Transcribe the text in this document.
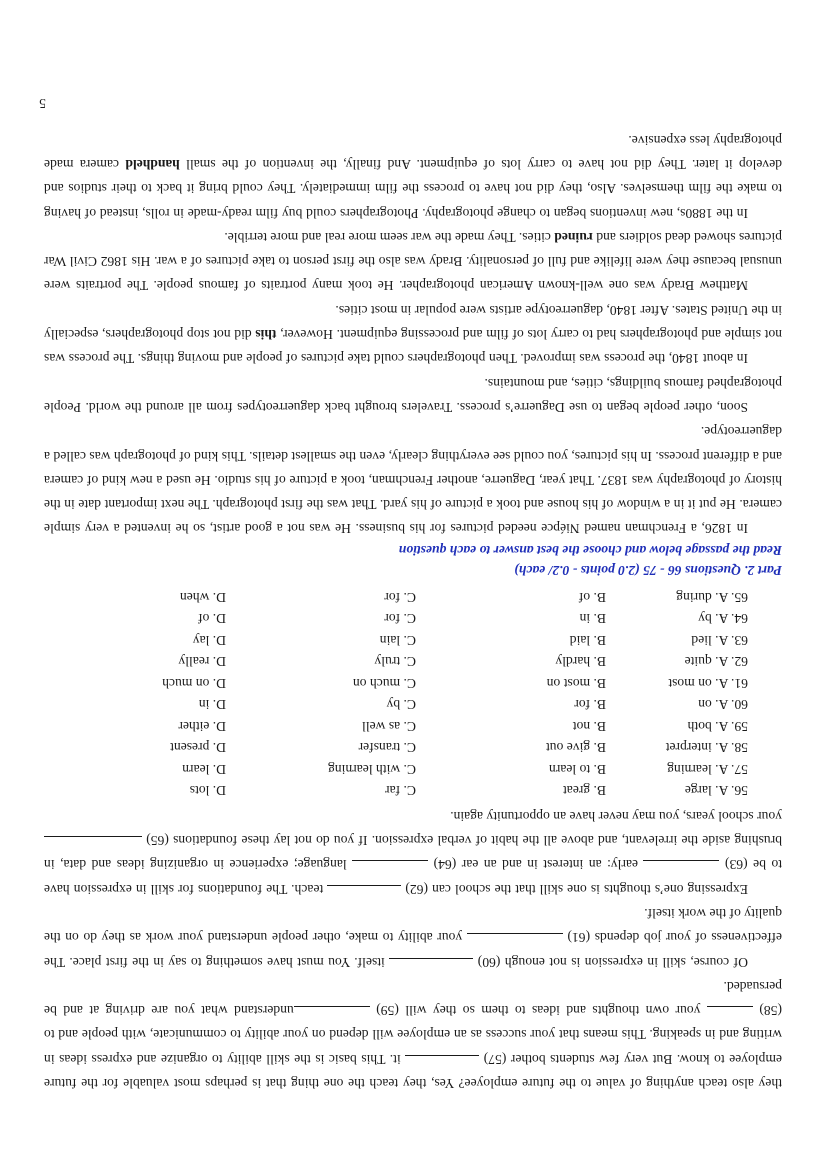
they also teach anything of value to the future employee? Yes, they teach the one thing that is perhaps most valuable for the future employee to know. But very few students bother (57)  it. This basic is the skill ability to organize and express ideas in writing and in speaking. This means that your success as an employee will depend on your ability to communicate, with people and to (58)  your own thoughts and ideas to them so they will (59) understand what you are driving at and be persuaded.

Of course, skill in expression is not enough (60)  itself. You must have something to say in the first place. The effectiveness of your job depends (61)  your ability to make, other people understand your work as they do on the quality of the work itself.

Expressing one’s thoughts is one skill that the school can (62)  teach. The foundations for skill in expression have to be (63)  early: an interest in and an ear (64)  language; experience in organizing ideas and data, in brushing aside the irrelevant, and above all the habit of verbal expression. If you do not lay these foundations (65)  your school years, you may never have an opportunity again.

56. A. large	B. great	C. far	D. lots
57. A. learning	B. to learn	C. with learning	D. learn
58. A. interpret	B. give out	C. transfer	D. present
59. A. both	B. not	C. as well	D. either
60. A. on	B. for	C. by	D. in
61. A. on most	B. most on	C. much on	D. on much
62. A. quite	B. hardly	C. truly	D. really
63. A. lied	B. laid	C. lain	D. lay
64. A. by	B. in	C. for	D. of
65. A. during	B. of	C. for	D. when
Part 2. Questions 66 - 75 (2.0 points - 0.2/ each)
Read the passage below and choose the best answer to each question

In 1826, a Frenchman named Niépce needed pictures for his business. He was not a good artist, so he invented a very simple camera. He put it in a window of his house and took a picture of his yard. That was the first photograph. The next important date in the history of photography was 1837. That year, Daguerre, another Frenchman, took a picture of his studio. He used a new kind of camera and a different process. In his pictures, you could see everything clearly, even the smallest details. This kind of photograph was called a daguerreotype.

Soon, other people began to use Daguerre’s process. Travelers brought back daguerreotypes from all around the world. People photographed famous buildings, cities, and mountains.

In about 1840, the process was improved. Then photographers could take pictures of people and moving things. The process was not simple and photographers had to carry lots of film and processing equipment. However, this did not stop photographers, especially in the United States. After 1840, daguerreotype artists were popular in most cities.

Matthew Brady was one well-known American photographer. He took many portraits of famous people. The portraits were unusual because they were lifelike and full of personality. Brady was also the first person to take pictures of a war. His 1862 Civil War pictures showed dead soldiers and ruined cities. They made the war seem more real and more terrible.

In the 1880s, new inventions began to change photography. Photographers could buy film ready-made in rolls, instead of having to make the film themselves. Also, they did not have to process the film immediately. They could bring it back to their studios and develop it later. They did not have to carry lots of equipment. And finally, the invention of the small handheld camera made photography less expensive.

5
